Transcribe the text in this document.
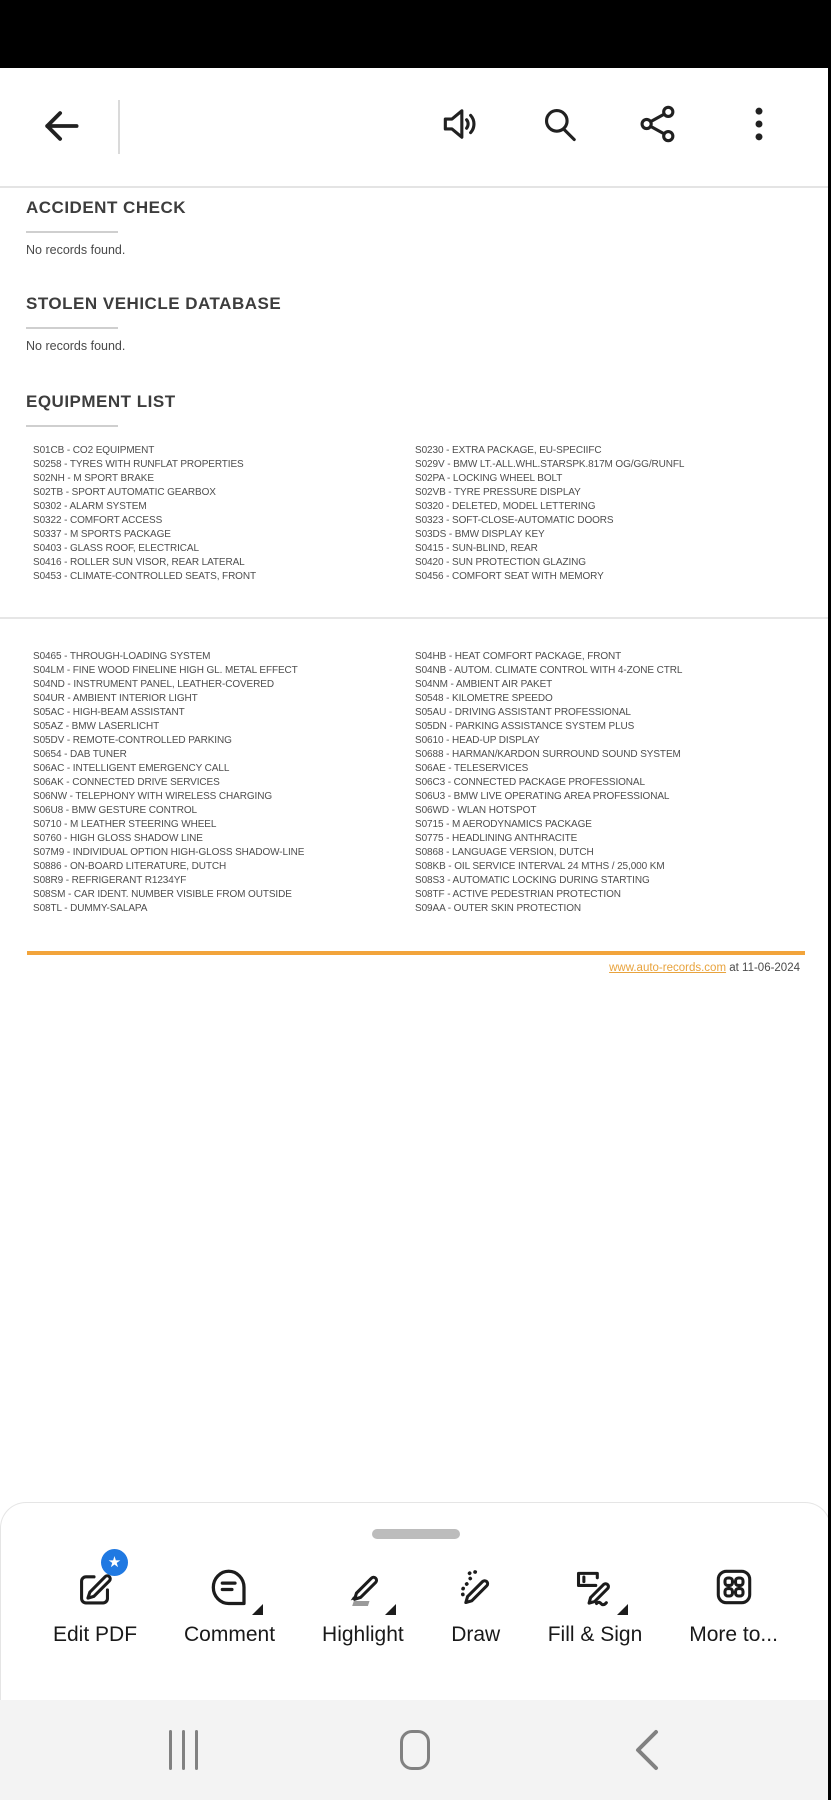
ACCIDENT CHECK
No records found.
STOLEN VEHICLE DATABASE
No records found.
EQUIPMENT LIST
S01CB - CO2 EQUIPMENT
S0258 - TYRES WITH RUNFLAT PROPERTIES
S02NH - M SPORT BRAKE
S02TB - SPORT AUTOMATIC GEARBOX
S0302 - ALARM SYSTEM
S0322 - COMFORT ACCESS
S0337 - M SPORTS PACKAGE
S0403 - GLASS ROOF, ELECTRICAL
S0416 - ROLLER SUN VISOR, REAR LATERAL
S0453 - CLIMATE-CONTROLLED SEATS, FRONT
S0230 - EXTRA PACKAGE, EU-SPECIIFC
S029V - BMW LT.-ALL.WHL.STARSPK.817M OG/GG/RUNFL
S02PA - LOCKING WHEEL BOLT
S02VB - TYRE PRESSURE DISPLAY
S0320 - DELETED, MODEL LETTERING
S0323 - SOFT-CLOSE-AUTOMATIC DOORS
S03DS - BMW DISPLAY KEY
S0415 - SUN-BLIND, REAR
S0420 - SUN PROTECTION GLAZING
S0456 - COMFORT SEAT WITH MEMORY
S0465 - THROUGH-LOADING SYSTEM
S04LM - FINE WOOD FINELINE HIGH GL. METAL EFFECT
S04ND - INSTRUMENT PANEL, LEATHER-COVERED
S04UR - AMBIENT INTERIOR LIGHT
S05AC - HIGH-BEAM ASSISTANT
S05AZ - BMW LASERLICHT
S05DV - REMOTE-CONTROLLED PARKING
S0654 - DAB TUNER
S06AC - INTELLIGENT EMERGENCY CALL
S06AK - CONNECTED DRIVE SERVICES
S06NW - TELEPHONY WITH WIRELESS CHARGING
S06U8 - BMW GESTURE CONTROL
S0710 - M LEATHER STEERING WHEEL
S0760 - HIGH GLOSS SHADOW LINE
S07M9 - INDIVIDUAL OPTION HIGH-GLOSS SHADOW-LINE
S0886 - ON-BOARD LITERATURE, DUTCH
S08R9 - REFRIGERANT R1234YF
S08SM - CAR IDENT. NUMBER VISIBLE FROM OUTSIDE
S08TL - DUMMY-SALAPA
S04HB - HEAT COMFORT PACKAGE, FRONT
S04NB - AUTOM. CLIMATE CONTROL WITH 4-ZONE CTRL
S04NM - AMBIENT AIR PAKET
S0548 - KILOMETRE SPEEDO
S05AU - DRIVING ASSISTANT PROFESSIONAL
S05DN - PARKING ASSISTANCE SYSTEM PLUS
S0610 - HEAD-UP DISPLAY
S0688 - HARMAN/KARDON SURROUND SOUND SYSTEM
S06AE - TELESERVICES
S06C3 - CONNECTED PACKAGE PROFESSIONAL
S06U3 - BMW LIVE OPERATING AREA PROFESSIONAL
S06WD - WLAN HOTSPOT
S0715 - M AERODYNAMICS PACKAGE
S0775 - HEADLINING ANTHRACITE
S0868 - LANGUAGE VERSION, DUTCH
S08KB - OIL SERVICE INTERVAL 24 MTHS / 25,000 KM
S08S3 - AUTOMATIC LOCKING DURING STARTING
S08TF - ACTIVE PEDESTRIAN PROTECTION
S09AA - OUTER SKIN PROTECTION
www.auto-records.com at 11-06-2024
★
Edit PDF Comment Highlight Draw Fill & Sign More to...
